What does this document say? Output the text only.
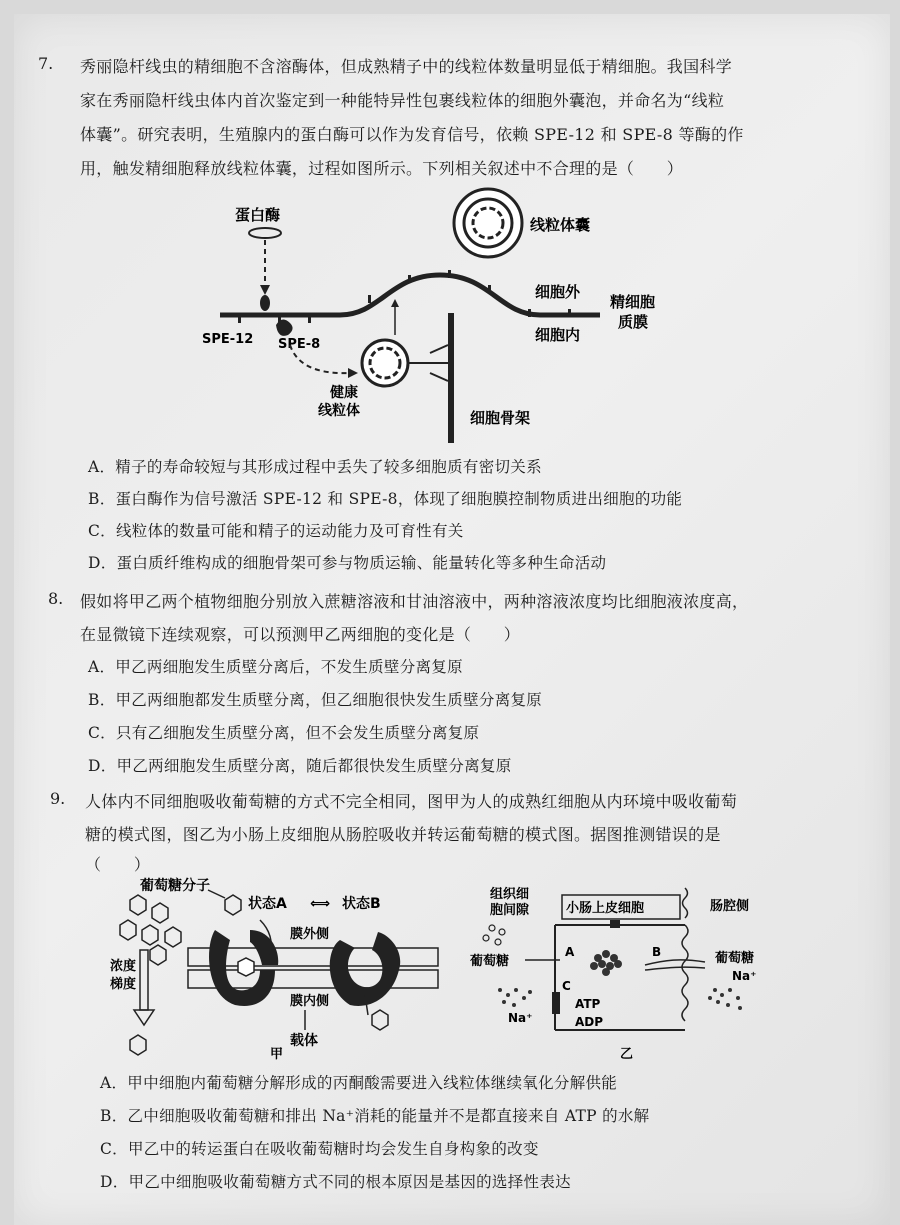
7. 秀丽隐杆线虫的精细胞不含溶酶体，但成熟精子中的线粒体数量明显低于精细胞。我国科学
家在秀丽隐杆线虫体内首次鉴定到一种能特异性包裹线粒体的细胞外囊泡，并命名为“线粒
体囊”。研究表明，生殖腺内的蛋白酶可以作为发育信号，依赖 SPE-12 和 SPE-8 等酶的作
用，触发精细胞释放线粒体囊，过程如图所示。下列相关叙述中不合理的是（　　）
蛋白酶
SPE-12 SPE-8
健康
线粒体	细胞骨架
线粒体囊
细胞外
细胞内
精细胞
质膜
A．精子的寿命较短与其形成过程中丢失了较多细胞质有密切关系
B．蛋白酶作为信号激活 SPE-12 和 SPE-8，体现了细胞膜控制物质进出细胞的功能
C．线粒体的数量可能和精子的运动能力及可育性有关
D．蛋白质纤维构成的细胞骨架可参与物质运输、能量转化等多种生命活动
8. 假如将甲乙两个植物细胞分别放入蔗糖溶液和甘油溶液中，两种溶液浓度均比细胞液浓度高，
在显微镜下连续观察，可以预测甲乙两细胞的变化是（　　）
A．甲乙两细胞发生质壁分离后，不发生质壁分离复原
B．甲乙两细胞都发生质壁分离，但乙细胞很快发生质壁分离复原
C．只有乙细胞发生质壁分离，但不会发生质壁分离复原
D．甲乙两细胞发生质壁分离，随后都很快发生质壁分离复原
9. 人体内不同细胞吸收葡萄糖的方式不完全相同，图甲为人的成熟红细胞从内环境中吸收葡萄
糖的模式图，图乙为小肠上皮细胞从肠腔吸收并转运葡萄糖的模式图。据图推测错误的是
（　　）
葡萄糖分子
状态A ⟺ 状态B
浓度
梯度
膜外侧
膜内侧
载体
甲
组织细
胞间隙	小肠上皮细胞	肠腔侧
葡萄糖
A	B	葡萄糖
Na⁺
C
Na⁺
ATP
ADP
乙
A．甲中细胞内葡萄糖分解形成的丙酮酸需要进入线粒体继续氧化分解供能
B．乙中细胞吸收葡萄糖和排出 Na⁺消耗的能量并不是都直接来自 ATP 的水解
C．甲乙中的转运蛋白在吸收葡萄糖时均会发生自身构象的改变
D．甲乙中细胞吸收葡萄糖方式不同的根本原因是基因的选择性表达
